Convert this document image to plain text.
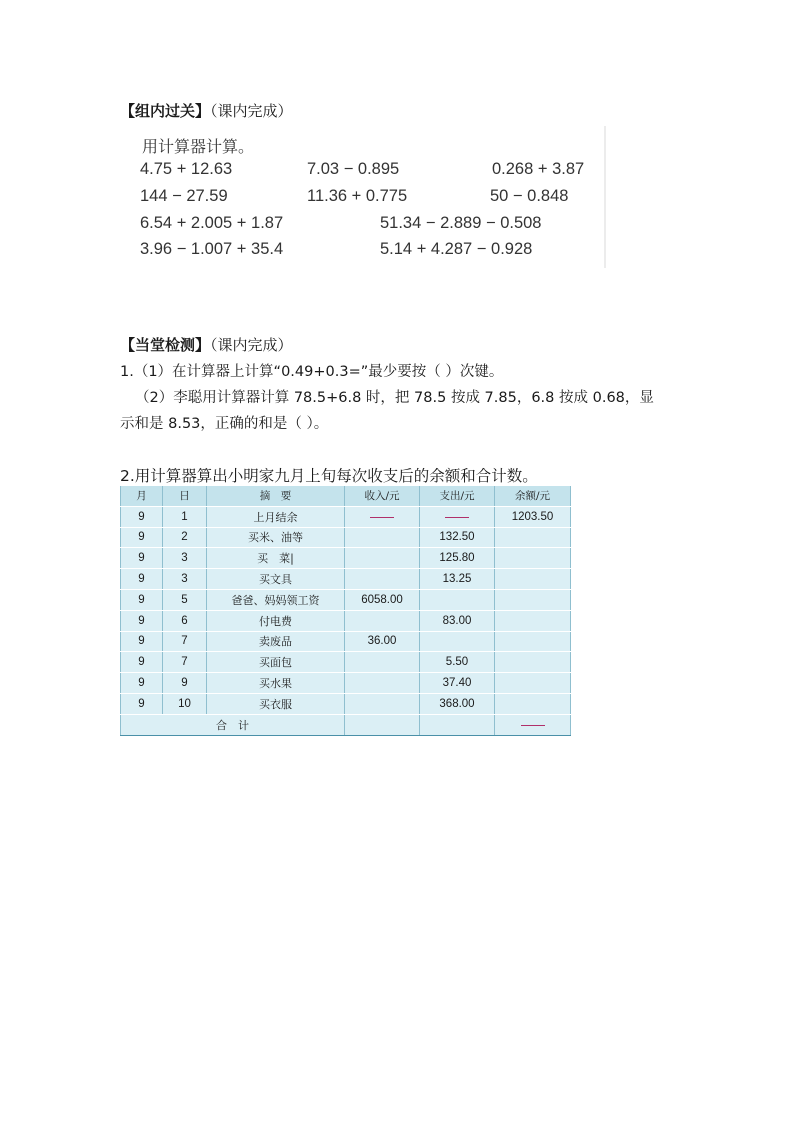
【组内过关】（课内完成）
用计算器计算。
4.75 + 12.63	7.03 − 0.895	0.268 + 3.87
144 − 27.59	11.36 + 0.775	50 − 0.848
6.54 + 2.005 + 1.87	51.34 − 2.889 − 0.508
3.96 − 1.007 + 35.4	5.14 + 4.287 − 0.928
【当堂检测】（课内完成）
1.（1）在计算器上计算“0.49+0.3=”最少要按（ ）次键。
（2）李聪用计算器计算 78.5+6.8 时，把 78.5 按成 7.85，6.8 按成 0.68，显
示和是 8.53，正确的和是（ ）。
2.用计算器算出小明家九月上旬每次收支后的余额和合计数。
月	日	摘　要	收入/元	支出/元	余额/元
9	1	上月结余			1203.50
9	2	买米、油等		132.50	
9	3	买　菜|		125.80	
9	3	买文具		13.25	
9	5	爸爸、妈妈领工资	6058.00		
9	6	付电费		83.00	
9	7	卖废品	36.00		
9	7	买面包		5.50	
9	9	买水果		37.40	
9	10	买衣服		368.00	
合　计					
